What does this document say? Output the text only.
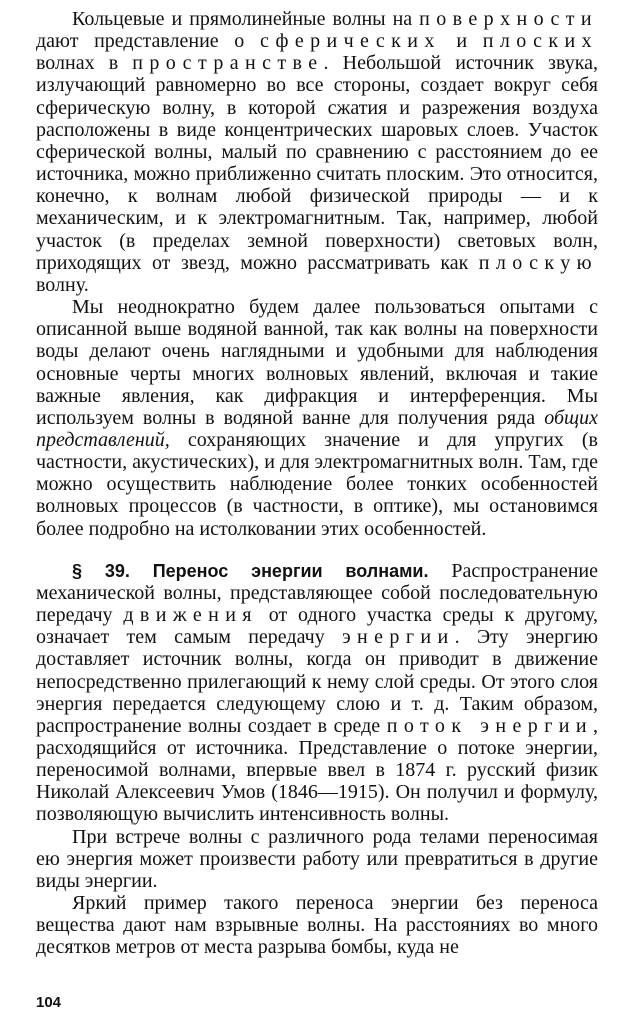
Кольцевые и прямолинейные волны на поверхности дают представление о сферических и плоских волнах в пространстве. Небольшой источник звука, излучающий равномерно во все стороны, создает вокруг себя сферическую волну, в которой сжатия и разрежения воздуха расположены в виде концентрических шаровых слоев. Участок сферической волны, малый по сравнению с расстоянием до ее источника, можно приближенно считать плоским. Это относится, конечно, к волнам любой физической природы — и к механическим, и к электромагнитным. Так, например, любой участок (в пределах земной поверхности) световых волн, приходящих от звезд, можно рассматривать как плоскую волну.

Мы неоднократно будем далее пользоваться опытами с описанной выше водяной ванной, так как волны на поверхности воды делают очень наглядными и удобными для наблюдения основные черты многих волновых явлений, включая и такие важные явления, как дифракция и интерференция. Мы используем волны в водяной ванне для получения ряда общих представлений, сохраняющих значение и для упругих (в частности, акустических), и для электромагнитных волн. Там, где можно осуществить наблюдение более тонких особенностей волновых процессов (в частности, в оптике), мы остановимся более подробно на истолковании этих особенностей.

§ 39. Перенос энергии волнами. Распространение механической волны, представляющее собой последовательную передачу движения от одного участка среды к другому, означает тем самым передачу энергии. Эту энергию доставляет источник волны, когда он приводит в движение непосредственно прилегающий к нему слой среды. От этого слоя энергия передается следующему слою и т. д. Таким образом, распространение волны создает в среде поток энергии, расходящийся от источника. Представление о потоке энергии, переносимой волнами, впервые ввел в 1874 г. русский физик Николай Алексеевич Умов (1846—1915). Он получил и формулу, позволяющую вычислить интенсивность волны.

При встрече волны с различного рода телами переносимая ею энергия может произвести работу или превратиться в другие виды энергии.

Яркий пример такого переноса энергии без переноса вещества дают нам взрывные волны. На расстояниях во много десятков метров от места разрыва бомбы, куда не

104
